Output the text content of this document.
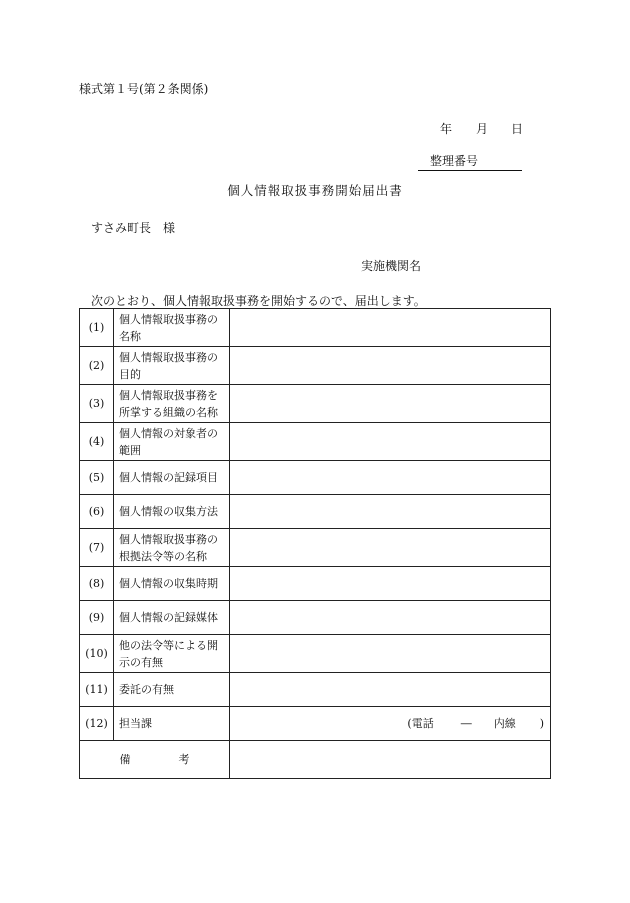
様式第１号(第２条関係)
年 月 日
整理番号
個人情報取扱事務開始届出書
すさみ町長　様
実施機関名
次のとおり、個人情報取扱事務を開始するので、届出します。
(1)	個人情報取扱事務の名称	
(2)	個人情報取扱事務の目的	
(3)	個人情報取扱事務を所掌する組織の名称	
(4)	個人情報の対象者の範囲	
(5)	個人情報の記録項目	
(6)	個人情報の収集方法	
(7)	個人情報取扱事務の根拠法令等の名称	
(8)	個人情報の収集時期	
(9)	個人情報の記録媒体	
(10)	他の法令等による開示の有無	
(11)	委託の有無	
(12)	担当課	(電話 ― 内線 )

備 考		
